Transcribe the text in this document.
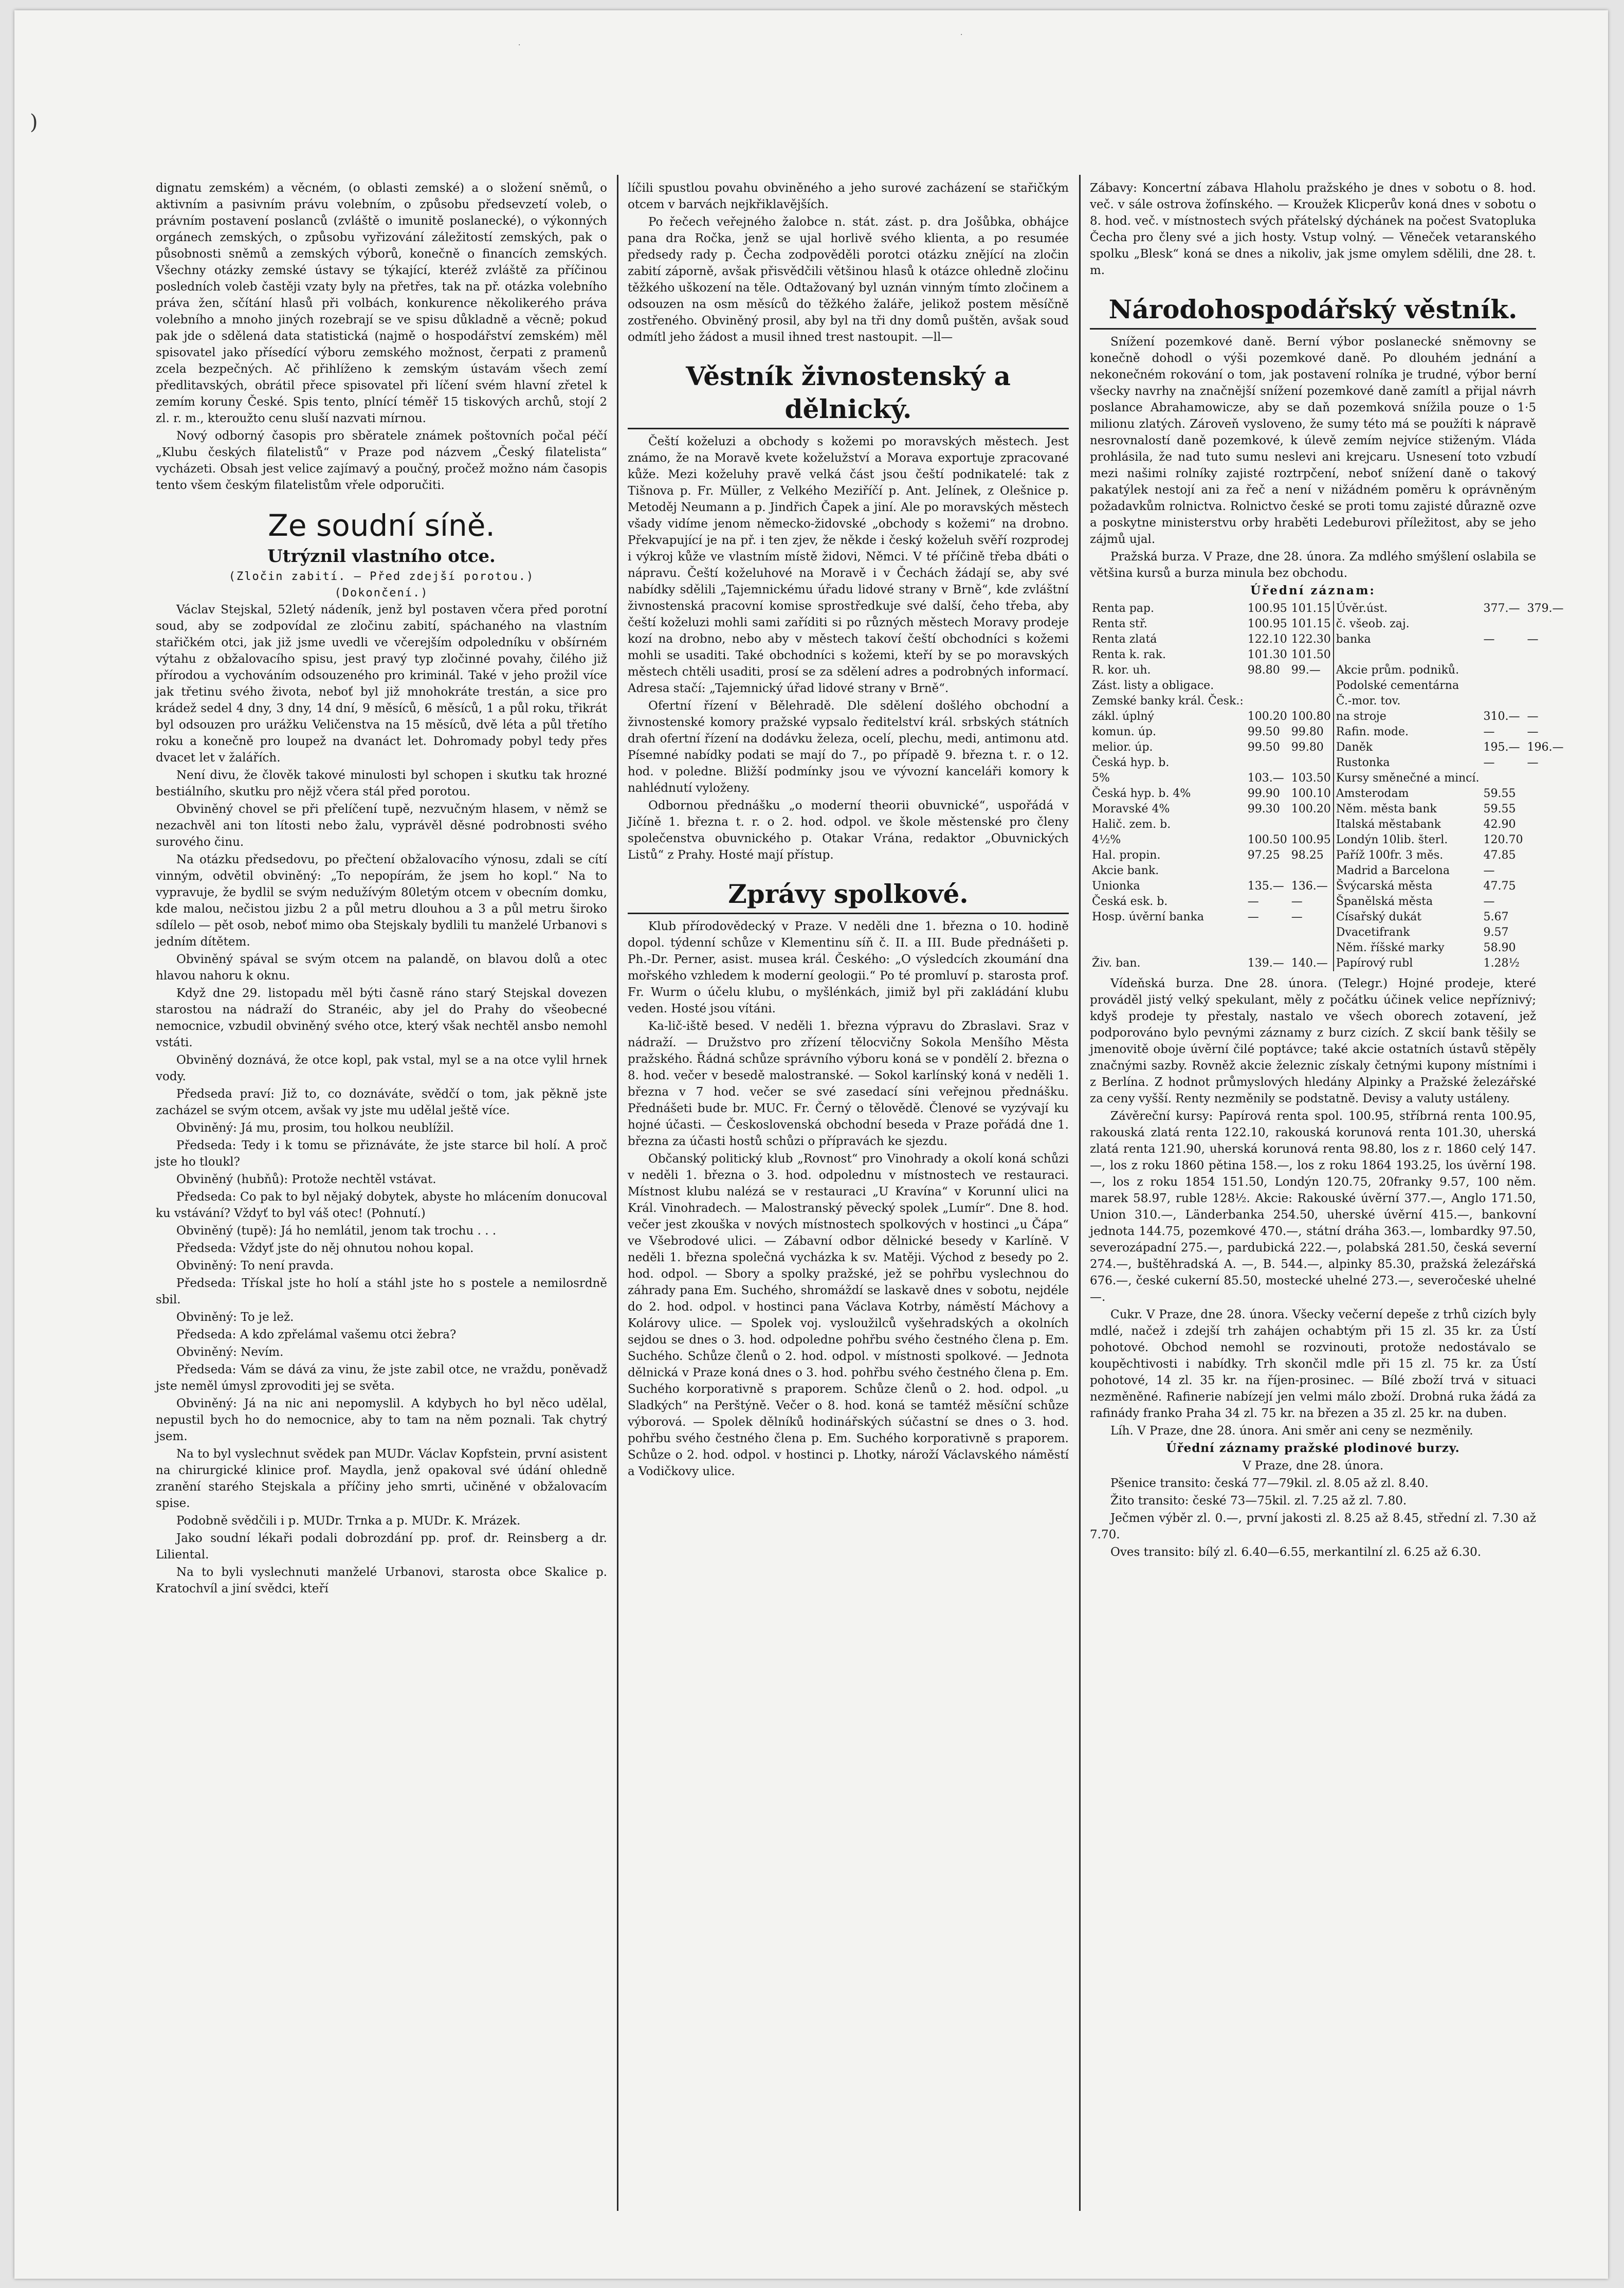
)
·
·

dignatu zemském) a věcném, (o oblasti zemské) a o složení sněmů, o aktivním a pasivním právu volebním, o způsobu předsevzetí voleb, o právním postavení poslanců (zvláště o imunitě poslanecké), o výkonných orgánech zemských, o způsobu vyřizování záležitostí zemských, pak o působnosti sněmů a zemských výborů, konečně o financích zemských. Všechny otázky zemské ústavy se týkající, kteréž zvláště za příčinou posledních voleb častěji vzaty byly na přetřes, tak na př. otázka volebního práva žen, sčítání hlasů při volbách, konkurence několikerého práva volebního a mnoho jiných rozebrají se ve spisu důkladně a věcně; pokud pak jde o sdělená data statistická (najmě o hospodářství zemském) měl spisovatel jako přísedící výboru zemského možnost, čerpati z pramenů zcela bezpečných. Ač přihlíženo k zemským ústavám všech zemí předlitavských, obrátil přece spisovatel při líčení svém hlavní zřetel k zemím koruny České. Spis tento, plnící téměř 15 tiskových archů, stojí 2 zl. r. m., kteroužto cenu sluší nazvati mírnou.

Nový odborný časopis pro sběratele známek poštovních počal péčí „Klubu českých filatelistů“ v Praze pod názvem „Český filatelista“ vycházeti. Obsah jest velice zajímavý a poučný, pročež možno nám časopis tento všem českým filatelistům vřele odporučiti.

Ze soudní síně.
Utrýznil vlastního otce.
(Zločin zabití. — Před zdejší porotou.)
(Dokončení.)

Václav Stejskal, 52letý nádeník, jenž byl postaven včera před porotní soud, aby se zodpovídal ze zločinu zabití, spáchaného na vlastním stařičkém otci, jak již jsme uvedli ve včerejším odpoledníku v obšírném výtahu z obžalovacího spisu, jest pravý typ zločinné povahy, čilého již přírodou a vychováním odsouzeného pro kriminál. Také v jeho prožil více jak třetinu svého života, neboť byl již mnohokráte trestán, a sice pro krádež sedel 4 dny, 3 dny, 14 dní, 9 měsíců, 6 měsíců, 1 a půl roku, třikrát byl odsouzen pro urážku Veličenstva na 15 měsíců, dvě léta a půl třetího roku a konečně pro loupež na dvanáct let. Dohromady pobyl tedy přes dvacet let v žalářích.

Není divu, že člověk takové minulosti byl schopen i skutku tak hrozné bestiálního, skutku pro nějž včera stál před porotou.

Obviněný chovel se při přelíčení tupě, nezvučným hlasem, v němž se nezachvěl ani ton lítosti nebo žalu, vyprávěl děsné podrobnosti svého surového činu.

Na otázku předsedovu, po přečtení obžalovacího výnosu, zdali se cítí vinným, odvětil obviněný: „To nepopírám, že jsem ho kopl.“ Na to vypravuje, že bydlil se svým nedužívým 80letým otcem v obecním domku, kde malou, nečistou jizbu 2 a půl metru dlouhou a 3 a půl metru široko sdílelo — pět osob, neboť mimo oba Stejskaly bydlili tu manželé Urbanovi s jedním dítětem.

Obviněný spával se svým otcem na palandě, on blavou dolů a otec hlavou nahoru k oknu.

Když dne 29. listopadu měl býti časně ráno starý Stejskal dovezen starostou na nádraží do Stranéic, aby jel do Prahy do všeobecné nemocnice, vzbudil obviněný svého otce, který však nechtěl ansbo nemohl vstáti.

Obviněný doznává, že otce kopl, pak vstal, myl se a na otce vylil hrnek vody.

Předseda praví: Již to, co doznáváte, svědčí o tom, jak pěkně jste zacházel se svým otcem, avšak vy jste mu udělal ještě více.

Obviněný: Já mu, prosim, tou holkou neublížil.

Předseda: Tedy i k tomu se přiznáváte, že jste starce bil holí. A proč jste ho tloukl?

Obviněný (hubňů): Protože nechtěl vstávat.

Předseda: Co pak to byl nějaký dobytek, abyste ho mlácením donucoval ku vstávání? Vždyť to byl váš otec! (Pohnutí.)

Obviněný (tupě): Já ho nemlátil, jenom tak trochu . . .

Předseda: Vždyť jste do něj ohnutou nohou kopal.

Obviněný: To není pravda.

Předseda: Třískal jste ho holí a stáhl jste ho s postele a nemilosrdně sbil.

Obviněný: To je lež.

Předseda: A kdo zpřelámal vašemu otci žebra?

Obviněný: Nevím.

Předseda: Vám se dává za vinu, že jste zabil otce, ne vraždu, poněvadž jste neměl úmysl zprovoditi jej se světa.

Obviněný: Já na nic ani nepomyslil. A kdybych ho byl něco udělal, nepustil bych ho do nemocnice, aby to tam na něm poznali. Tak chytrý jsem.

Na to byl vyslechnut svědek pan MUDr. Václav Kopfstein, první asistent na chirurgické klinice prof. Maydla, jenž opakoval své údání ohledně zranění starého Stejskala a příčiny jeho smrti, učiněné v obžalovacím spise.

Podobně svědčili i p. MUDr. Trnka a p. MUDr. K. Mrázek.

Jako soudní lékaři podali dobrozdání pp. prof. dr. Reinsberg a dr. Liliental.

Na to byli vyslechnuti manželé Urbanovi, starosta obce Skalice p. Kratochvíl a jiní svědci, kteří

líčili spustlou povahu obviněného a jeho surové zacházení se stařičkým otcem v barvách nejkřiklavějších.

Po řečech veřejného žalobce n. stát. zást. p. dra Jošůbka, obhájce pana dra Ročka, jenž se ujal horlivě svého klienta, a po resumée předsedy rady p. Čecha zodpověděli porotci otázku znějící na zločin zabití záporně, avšak přisvědčili většinou hlasů k otázce ohledně zločinu těžkého uškození na těle. Odtažovaný byl uznán vinným tímto zločinem a odsouzen na osm měsíců do těžkého žaláře, jelikož postem měsíčně zostřeného. Obviněný prosil, aby byl na tři dny domů puštěn, avšak soud odmítl jeho žádost a musil ihned trest nastoupit. —ll—

Věstník živnostenský a dělnický.

Čeští koželuzi a obchody s kožemi po moravských městech. Jest známo, že na Moravě kvete koželužství a Morava exportuje zpracované kůže. Mezi koželuhy pravě velká část jsou čeští podnikatelé: tak z Tišnova p. Fr. Müller, z Velkého Meziříčí p. Ant. Jelínek, z Olešnice p. Metoděj Neumann a p. Jindřich Čapek a jiní. Ale po moravských městech všady vidíme jenom německo-židovské „obchody s kožemi“ na drobno. Překvapující je na př. i ten zjev, že někde i český koželuh svěří rozprodej i výkroj kůže ve vlastním místě židovi, Němci. V té příčině třeba dbáti o nápravu. Čeští koželuhové na Moravě i v Čechách žádají se, aby své nabídky sdělili „Tajemnickému úřadu lidové strany v Brně“, kde zvláštní živnostenská pracovní komise sprostředkuje své další, čeho třeba, aby čeští koželuzi mohli sami zaříditi si po různých městech Moravy prodeje kozí na drobno, nebo aby v městech takoví čeští obchodníci s kožemi mohli se usaditi. Také obchodníci s kožemi, kteří by se po moravských městech chtěli usaditi, prosí se za sdělení adres a podrobných informací. Adresa stačí: „Tajemnický úřad lidové strany v Brně“.

Ofertní řízení v Bělehradě. Dle sdělení došlého obchodní a živnostenské komory pražské vypsalo ředitelství král. srbských státních drah ofertní řízení na dodávku železa, ocelí, plechu, medi, antimonu atd. Písemné nabídky podati se mají do 7., po případě 9. března t. r. o 12. hod. v poledne. Bližší podmínky jsou ve vývozní kanceláři komory k nahlédnutí vyloženy.

Odbornou přednášku „o moderní theorii obuvnické“, uspořádá v Jičíně 1. března t. r. o 2. hod. odpol. ve škole městenské pro členy společenstva obuvnického p. Otakar Vrána, redaktor „Obuvnických Listů“ z Prahy. Hosté mají přístup.

Zprávy spolkové.

Klub přírodovědecký v Praze. V neděli dne 1. března o 10. hodině dopol. týdenní schůze v Klementinu síň č. II. a III. Bude přednášeti p. Ph.-Dr. Perner, asist. musea král. Českého: „O výsledcích zkoumání dna mořského vzhledem k moderní geologii.“ Po té promluví p. starosta prof. Fr. Wurm o účelu klubu, o myšlénkách, jimiž byl při zakládání klubu veden. Hosté jsou vítáni.

Ka-lič-iště besed. V neděli 1. března výpravu do Zbraslavi. Sraz v nádraží. — Družstvo pro zřízení tělocvičny Sokola Menšího Města pražského. Řádná schůze správního výboru koná se v pondělí 2. března o 8. hod. večer v besedě malostranské. — Sokol karlínský koná v neděli 1. března v 7 hod. večer se své zasedací síni veřejnou přednášku. Přednášeti bude br. MUC. Fr. Černý o tělovědě. Členové se vyzývají ku hojné účasti. — Československá obchodní beseda v Praze pořádá dne 1. března za účasti hostů schůzi o přípravách ke sjezdu.

Občanský politický klub „Rovnost“ pro Vinohrady a okolí koná schůzi v neděli 1. března o 3. hod. odpolednu v místnostech ve restauraci. Místnost klubu nalézá se v restauraci „U Kravína“ v Korunní ulici na Král. Vinohradech. — Malostranský pěvecký spolek „Lumír“. Dne 8. hod. večer jest zkouška v nových místnostech spolkových v hostinci „u Čápa“ ve Všebrodové ulici. — Zábavní odbor dělnické besedy v Karlíně. V neděli 1. března společná vycházka k sv. Matěji. Východ z besedy po 2. hod. odpol. — Sbory a spolky pražské, jež se pohřbu vyslechnou do záhrady pana Em. Suchého, shromáždí se laskavě dnes v sobotu, nejdéle do 2. hod. odpol. v hostinci pana Václava Kotrby, náměstí Máchovy a Kolárovy ulice. — Spolek voj. vysloužilců vyšehradských a okolních sejdou se dnes o 3. hod. odpoledne pohřbu svého čestného člena p. Em. Suchého. Schůze členů o 2. hod. odpol. v místnosti spolkové. — Jednota dělnická v Praze koná dnes o 3. hod. pohřbu svého čestného člena p. Em. Suchého korporativně s praporem. Schůze členů o 2. hod. odpol. „u Sladkých“ na Perštýně. Večer o 8. hod. koná se tamtéž měsíční schůze výborová. — Spolek dělníků hodinářských súčastní se dnes o 3. hod. pohřbu svého čestného člena p. Em. Suchého korporativně s praporem. Schůze o 2. hod. odpol. v hostinci p. Lhotky, nároží Václavského náměstí a Vodičkovy ulice.

Zábavy: Koncertní zábava Hlaholu pražského je dnes v sobotu o 8. hod. več. v sále ostrova žofínského. — Kroužek Klicperův koná dnes v sobotu o 8. hod. več. v místnostech svých přátelský dýchánek na počest Svatopluka Čecha pro členy své a jich hosty. Vstup volný. — Věneček vetaranského spolku „Blesk“ koná se dnes a nikoliv, jak jsme omylem sdělili, dne 28. t. m.

Národohospodářský věstník.

Snížení pozemkové daně. Berní výbor poslanecké sněmovny se konečně dohodl o výši pozemkové daně. Po dlouhém jednání a nekonečném rokování o tom, jak postavení rolníka je trudné, výbor berní všecky navrhy na značnější snížení pozemkové daně zamítl a přijal návrh poslance Abrahamowicze, aby se daň pozemková snížila pouze o 1·5 milionu zlatých. Zároveň vysloveno, že sumy této má se použíti k nápravě nesrovnalostí daně pozemkové, k úlevě zemím nejvíce stiženým. Vláda prohlásila, že nad tuto sumu neslevi ani krejcaru. Usnesení toto vzbudí mezi našimi rolníky zajisté roztrpčení, neboť snížení daně o takový pakatýlek nestojí ani za řeč a není v nižádném poměru k oprávněným požadavkům rolnictva. Rolnictvo české se proti tomu zajisté důrazně ozve a poskytne ministerstvu orby hraběti Ledeburovi příležitost, aby se jeho zájmů ujal.

Pražská burza. V Praze, dne 28. února. Za mdlého smýšlení oslabila se většina kursů a burza minula bez obchodu.

Úřední záznam:

Renta pap.	100.95	101.15	Úvěr.úst.	377.—	379.—
Renta stř.	100.95	101.15	č. všeob. zaj.		
Renta zlatá	122.10	122.30	banka	—	—
Renta k. rak.	101.30	101.50			
R. kor. uh.	98.80	99.—	Akcie prům. podniků.		
Zást. listy a obligace.			Podolské cementárna		
Zemské banky král. Česk.:			Č.-mor. tov.		
zákl. úplný	100.20	100.80	na stroje	310.—	—
komun. úp.	99.50	99.80	Rafin. mode.	—	—
melior. úp.	99.50	99.80	Daněk	195.—	196.—
Česká hyp. b.			Rustonka	—	—
5%	103.—	103.50	Kursy směnečné a mincí.		
Česká hyp. b. 4%	99.90	100.10	Amsterodam	59.55	
Moravské 4%	99.30	100.20	Něm. města bank	59.55	
Halič. zem. b.			Italská městabank	42.90	
4½%	100.50	100.95	Londýn 10lib. šterl.	120.70	
Hal. propin.	97.25	98.25	Paříž 100fr. 3 měs.	47.85	
Akcie bank.			Madrid a Barcelona	—	
Unionka	135.—	136.—	Švýcarská města	47.75	
Česká esk. b.	—	—	Španělská města	—	
Hosp. úvěrní banka	—	—	Císařský dukát	5.67	
			Dvacetifrank	9.57	
			Něm. říšské marky	58.90	
Živ. ban.	139.—	140.—	Papírový rubl	1.28½	

Vídeňská burza. Dne 28. února. (Telegr.) Hojné prodeje, které prováděl jistý velký spekulant, měly z počátku účinek velice nepříznivý; kdyš prodeje ty přestaly, nastalo ve všech oborech zotavení, jež podporováno bylo pevnými záznamy z burz cizích. Z skcií bank těšily se jmenovitě oboje úvěrní čilé poptávce; také akcie ostatních ústavů stěpěly značnými sazby. Rovněž akcie železnic získaly četnými kupony místními i z Berlína. Z hodnot průmyslových hledány Alpinky a Pražské železářské za ceny vyšší. Renty nezměnily se podstatně. Devisy a valuty ustáleny.

Závěreční kursy: Papírová renta spol. 100.95, stříbrná renta 100.95, rakouská zlatá renta 122.10, rakouská korunová renta 101.30, uherská zlatá renta 121.90, uherská korunová renta 98.80, los z r. 1860 celý 147.—, los z roku 1860 pětina 158.—, los z roku 1864 193.25, los úvěrní 198.—, los z roku 1854 151.50, Londýn 120.75, 20franky 9.57, 100 něm. marek 58.97, ruble 128½. Akcie: Rakouské úvěrní 377.—, Anglo 171.50, Union 310.—, Länderbanka 254.50, uherské úvěrní 415.—, bankovní jednota 144.75, pozemkové 470.—, státní dráha 363.—, lombardky 97.50, severozápadní 275.—, pardubická 222.—, polabská 281.50, česká severní 274.—, buštěhradská A. —, B. 544.—, alpinky 85.30, pražská železářská 676.—, české cukerní 85.50, mostecké uhelné 273.—, severočeské uhelné —.

Cukr. V Praze, dne 28. února. Všecky večerní depeše z trhů cizích byly mdlé, načež i zdejší trh zahájen ochabtým při 15 zl. 35 kr. za Ústí pohotové. Obchod nemohl se rozvinouti, protože nedostávalo se koupěchtivosti i nabídky. Trh skončil mdle při 15 zl. 75 kr. za Ústí pohotové, 14 zl. 35 kr. na říjen-prosinec. — Bílé zboží trvá v situaci nezměněné. Rafinerie nabízejí jen velmi málo zboží. Drobná ruka žádá za rafinády franko Praha 34 zl. 75 kr. na březen a 35 zl. 25 kr. na duben.

Líh. V Praze, dne 28. února. Ani směr ani ceny se nezměnily.

Úřední záznamy pražské plodinové burzy.

V Praze, dne 28. února.

Pšenice transito: česká 77—79kil. zl. 8.05 až zl. 8.40.

Žito transito: české 73—75kil. zl. 7.25 až zl. 7.80.

Ječmen výběr zl. 0.—, první jakosti zl. 8.25 až 8.45, střední zl. 7.30 až 7.70.

Oves transito: bílý zl. 6.40—6.55, merkantilní zl. 6.25 až 6.30.
